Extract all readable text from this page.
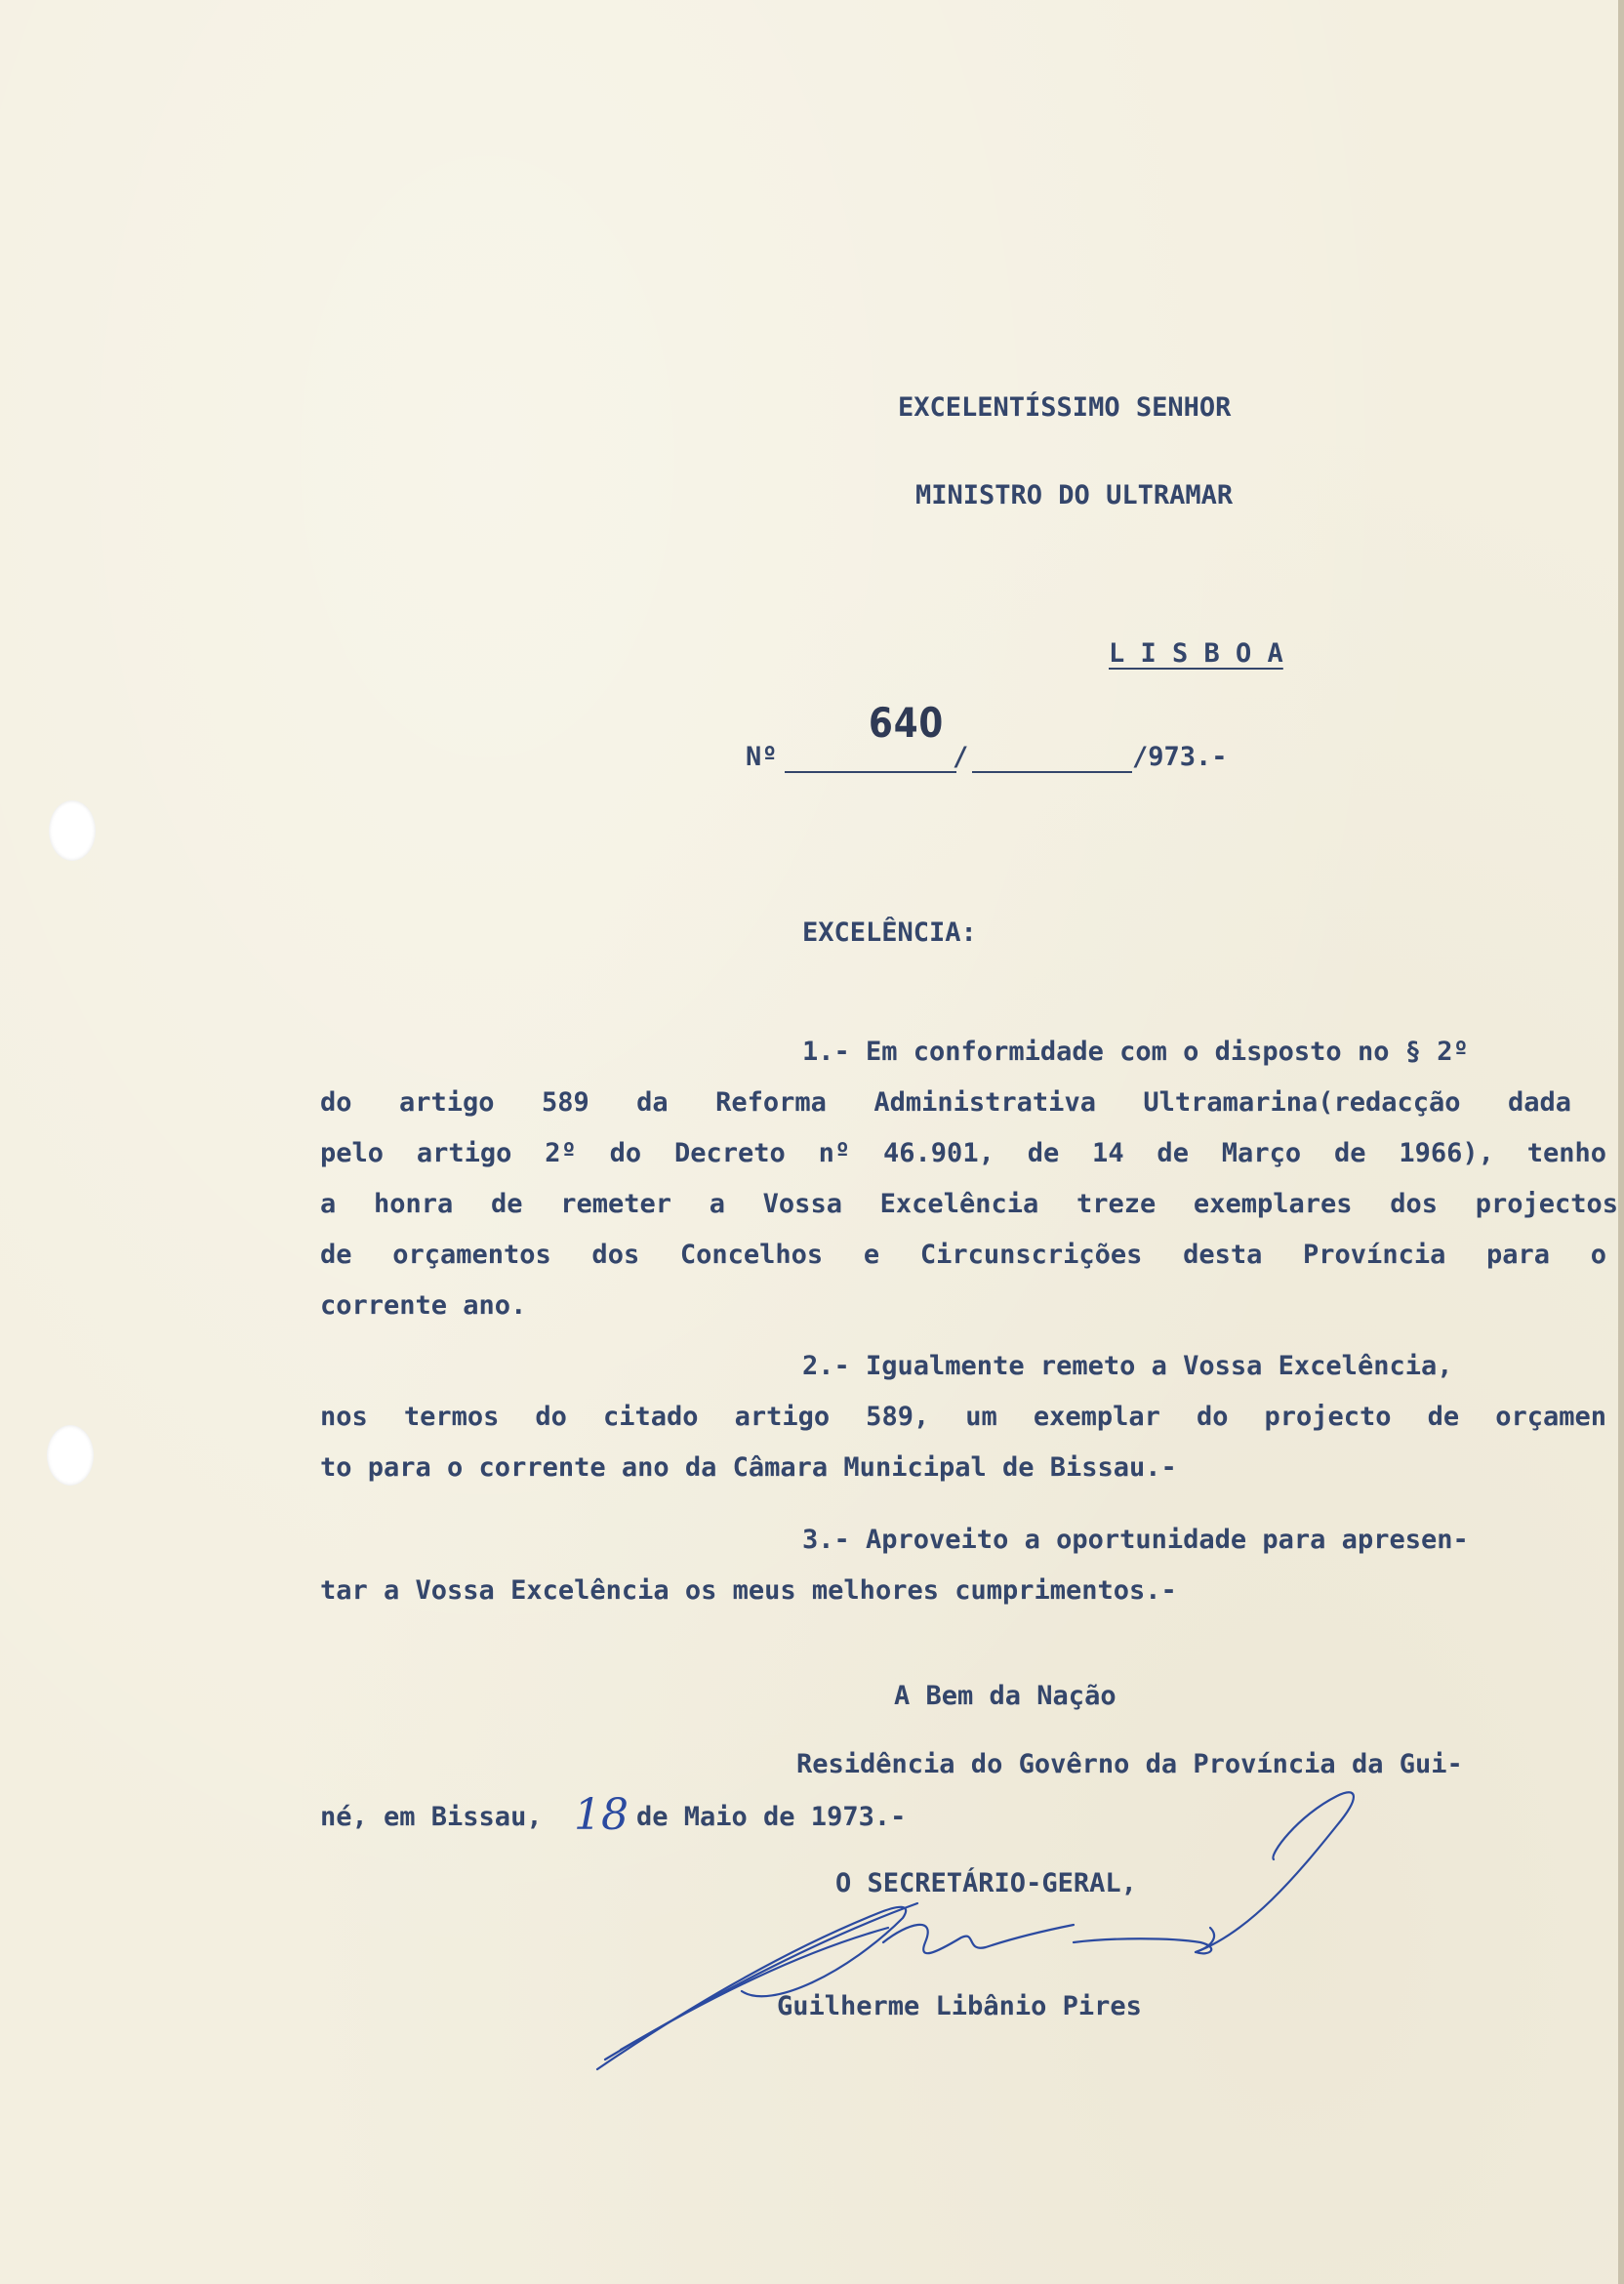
EXCELENTÍSSIMO SENHOR
MINISTRO DO ULTRAMAR
L I S B O A
Nº	/	/973.-
640
EXCELÊNCIA:
1.- Em conformidade com o disposto no § 2º
do artigo 589 da Reforma Administrativa Ultramarina(redacção dada
pelo artigo 2º do Decreto nº 46.901, de 14 de Março de 1966), tenho
a honra de remeter a Vossa Excelência treze exemplares dos projectos
de orçamentos dos Concelhos e Circunscrições desta Província para o
corrente ano.
2.- Igualmente remeto a Vossa Excelência,
nos termos do citado artigo 589, um exemplar do projecto de orçamen
to para o corrente ano da Câmara Municipal de Bissau.-
3.- Aproveito a oportunidade para apresen-
tar a Vossa Excelência os meus melhores cumprimentos.-
A Bem da Nação
Residência do Govêrno da Província da Gui-
né, em Bissau, 18 de Maio de 1973.-
O SECRETÁRIO-GERAL,
Guilherme Libânio Pires
